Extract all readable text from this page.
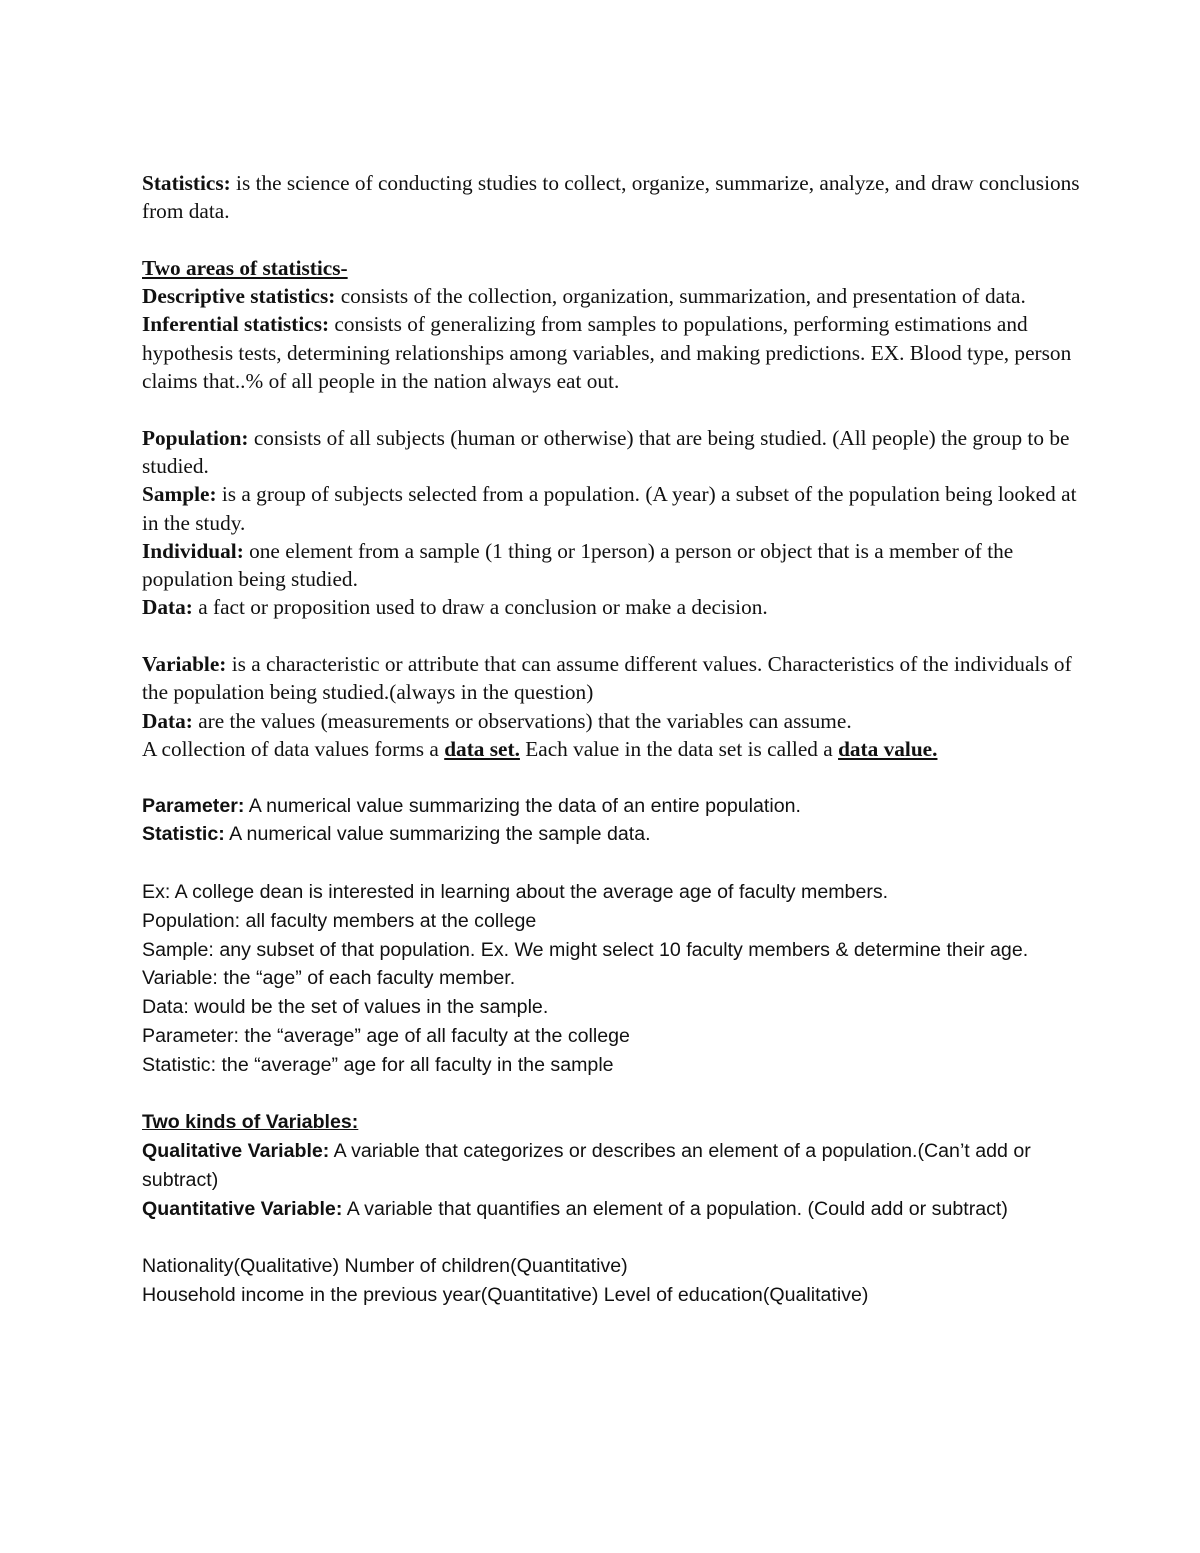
Statistics: is the science of conducting studies to collect, organize, summarize, analyze, and draw conclusions from data.

Two areas of statistics-

Descriptive statistics: consists of the collection, organization, summarization, and presentation of data.

Inferential statistics: consists of generalizing from samples to populations, performing estimations and hypothesis tests, determining relationships among variables, and making predictions. EX. Blood type, person claims that..% of all people in the nation always eat out.

Population: consists of all subjects (human or otherwise) that are being studied. (All people) the group to be studied.

Sample: is a group of subjects selected from a population. (A year) a subset of the population being looked at in the study.

Individual: one element from a sample (1 thing or 1person) a person or object that is a member of the population being studied.

Data: a fact or proposition used to draw a conclusion or make a decision.

Variable: is a characteristic or attribute that can assume different values. Characteristics of the individuals of the population being studied.(always in the question)

Data: are the values (measurements or observations) that the variables can assume.

A collection of data values forms a data set. Each value in the data set is called a data value.

Parameter: A numerical value summarizing the data of an entire population.

Statistic: A numerical value summarizing the sample data.

Ex: A college dean is interested in learning about the average age of faculty members.

Population: all faculty members at the college

Sample: any subset of that population. Ex. We might select 10 faculty members & determine their age.

Variable: the “age” of each faculty member.

Data: would be the set of values in the sample.

Parameter: the “average” age of all faculty at the college

Statistic: the “average” age for all faculty in the sample

Two kinds of Variables:

Qualitative Variable: A variable that categorizes or describes an element of a population.(Can’t add or subtract)

Quantitative Variable: A variable that quantifies an element of a population. (Could add or subtract)

Nationality(Qualitative) Number of children(Quantitative)

Household income in the previous year(Quantitative) Level of education(Qualitative)
